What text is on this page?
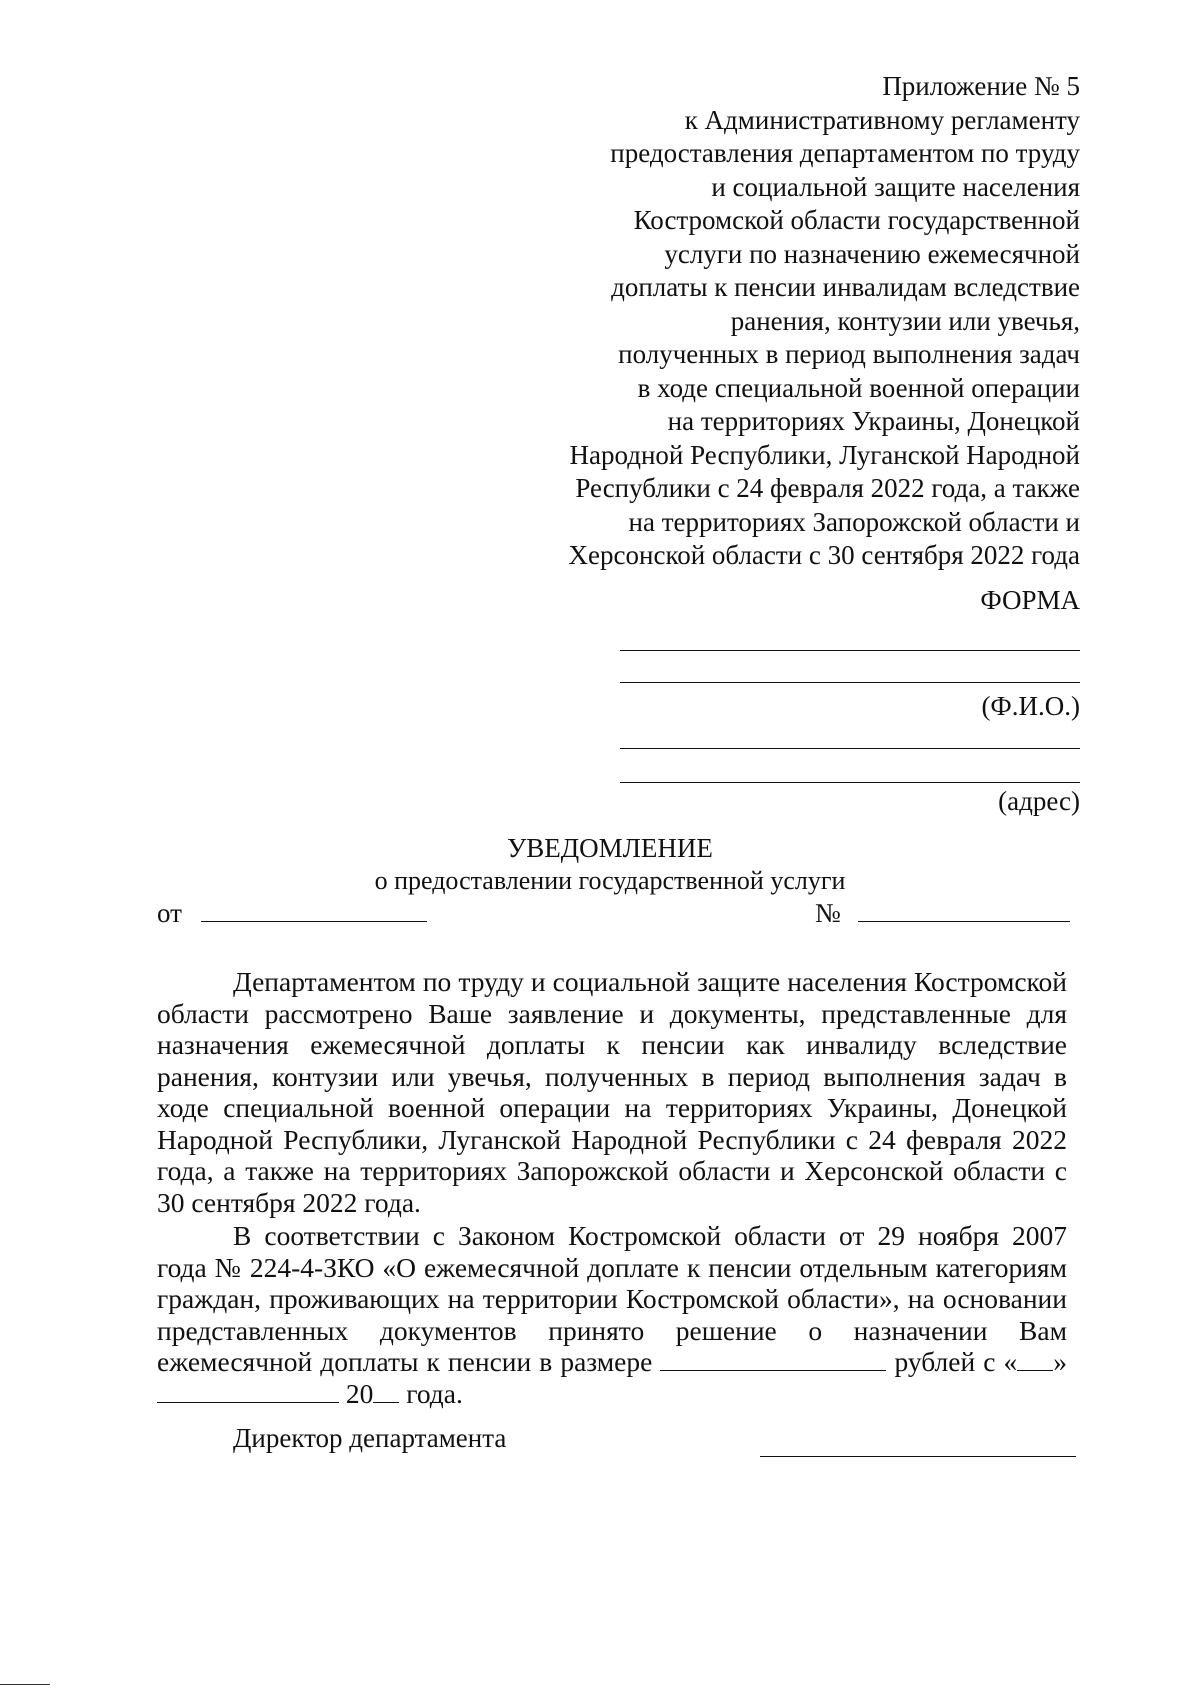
Приложение № 5
к Административному регламенту
предоставления департаментом по труду
и социальной защите населения
Костромской области государственной
услуги по назначению ежемесячной
доплаты к пенсии инвалидам вследствие
ранения, контузии или увечья,
полученных в период выполнения задач
в ходе специальной военной операции
на территориях Украины, Донецкой
Народной Республики, Луганской Народной
Республики с 24 февраля 2022 года, а также
на территориях Запорожской области и
Херсонской области с 30 сентября 2022 года
ФОРМА
(Ф.И.О.)
(адрес)
УВЕДОМЛЕНИЕ
о предоставлении государственной услуги
от	№

Департаментом по труду и социальной защите населения Костромской области рассмотрено Ваше заявление и документы, представленные для назначения ежемесячной доплаты к пенсии как инвалиду вследствие ранения, контузии или увечья, полученных в период выполнения задач в ходе специальной военной операции на территориях Украины, Донецкой Народной Республики, Луганской Народной Республики с 24 февраля 2022 года, а также на территориях Запорожской области и Херсонской области с 30 сентября 2022 года.

В соответствии с Законом Костромской области от 29 ноября 2007 года № 224-4-ЗКО «О ежемесячной доплате к пенсии отдельным категориям граждан, проживающих на территории Костромской области», на основании представленных документов принято решение о назначении Вам ежемесячной доплаты к пенсии в размере	рублей с « »  20 года.

Директор департамента
